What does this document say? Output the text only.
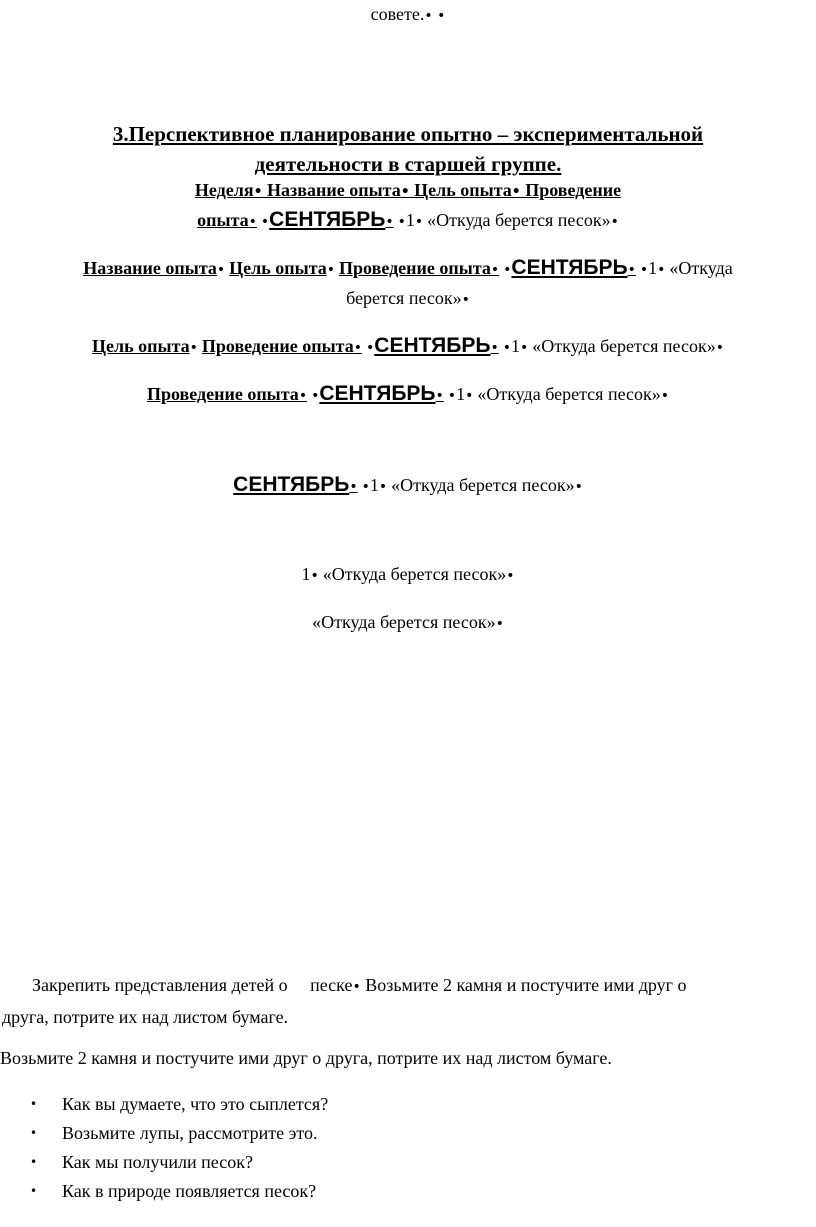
совете.• •
3.Перспективное планирование опытно – экспериментальной
деятельности в старшей группе.
Неделя• Название опыта• Цель опыта• Проведение
опыта• •СЕНТЯБРЬ• •1• «Откуда берется песок»•
Название опыта• Цель опыта• Проведение опыта• •СЕНТЯБРЬ• •1• «Откуда
берется песок»•
Цель опыта• Проведение опыта• •СЕНТЯБРЬ• •1• «Откуда берется песок»•
Проведение опыта• •СЕНТЯБРЬ• •1• «Откуда берется песок»•
СЕНТЯБРЬ• •1• «Откуда берется песок»•
1• «Откуда берется песок»•
«Откуда берется песок»•
Закрепить представления детей о песке• Возьмите 2 камня и постучите ими друг о
друга, потрите их над листом бумаге.
Возьмите 2 камня и постучите ими друг о друга, потрите их над листом бумаге.
• Как вы думаете, что это сыплется?
• Возьмите лупы, рассмотрите это.
• Как мы получили песок?
• Как в природе появляется песок?
